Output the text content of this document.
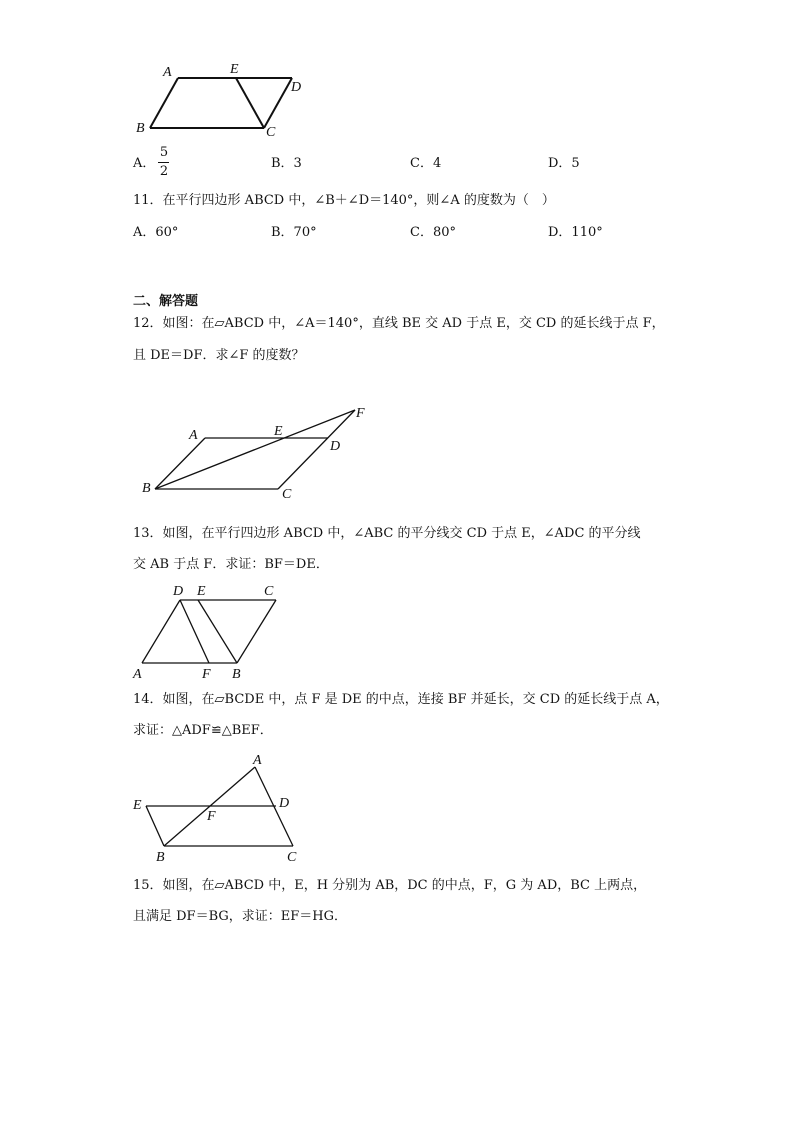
A	E
D
B	C
A．
5
2
B．3	C．4	D．5
11．在平行四边形 ABCD 中，∠B＋∠D＝140°，则∠A 的度数为（　）
A．60°	B．70°	C．80°	D．110°
二、解答题
12．如图：在▱ABCD 中，∠A＝140°，直线 BE 交 AD 于点 E，交 CD 的延长线于点 F，
且 DE＝DF．求∠F 的度数？
A	E
F
D
B	C
13．如图，在平行四边形 ABCD 中，∠ABC 的平分线交 CD 于点 E，∠ADC 的平分线
交 AB 于点 F．求证：BF＝DE．
D E	C
A	F B
14．如图，在▱BCDE 中，点 F 是 DE 的中点，连接 BF 并延长，交 CD 的延长线于点 A，
求证：△ADF≌△BEF．
A
E	D
F
B	C
15．如图，在▱ABCD 中，E，H 分别为 AB，DC 的中点，F，G 为 AD，BC 上两点，
且满足 DF＝BG，求证：EF＝HG．
